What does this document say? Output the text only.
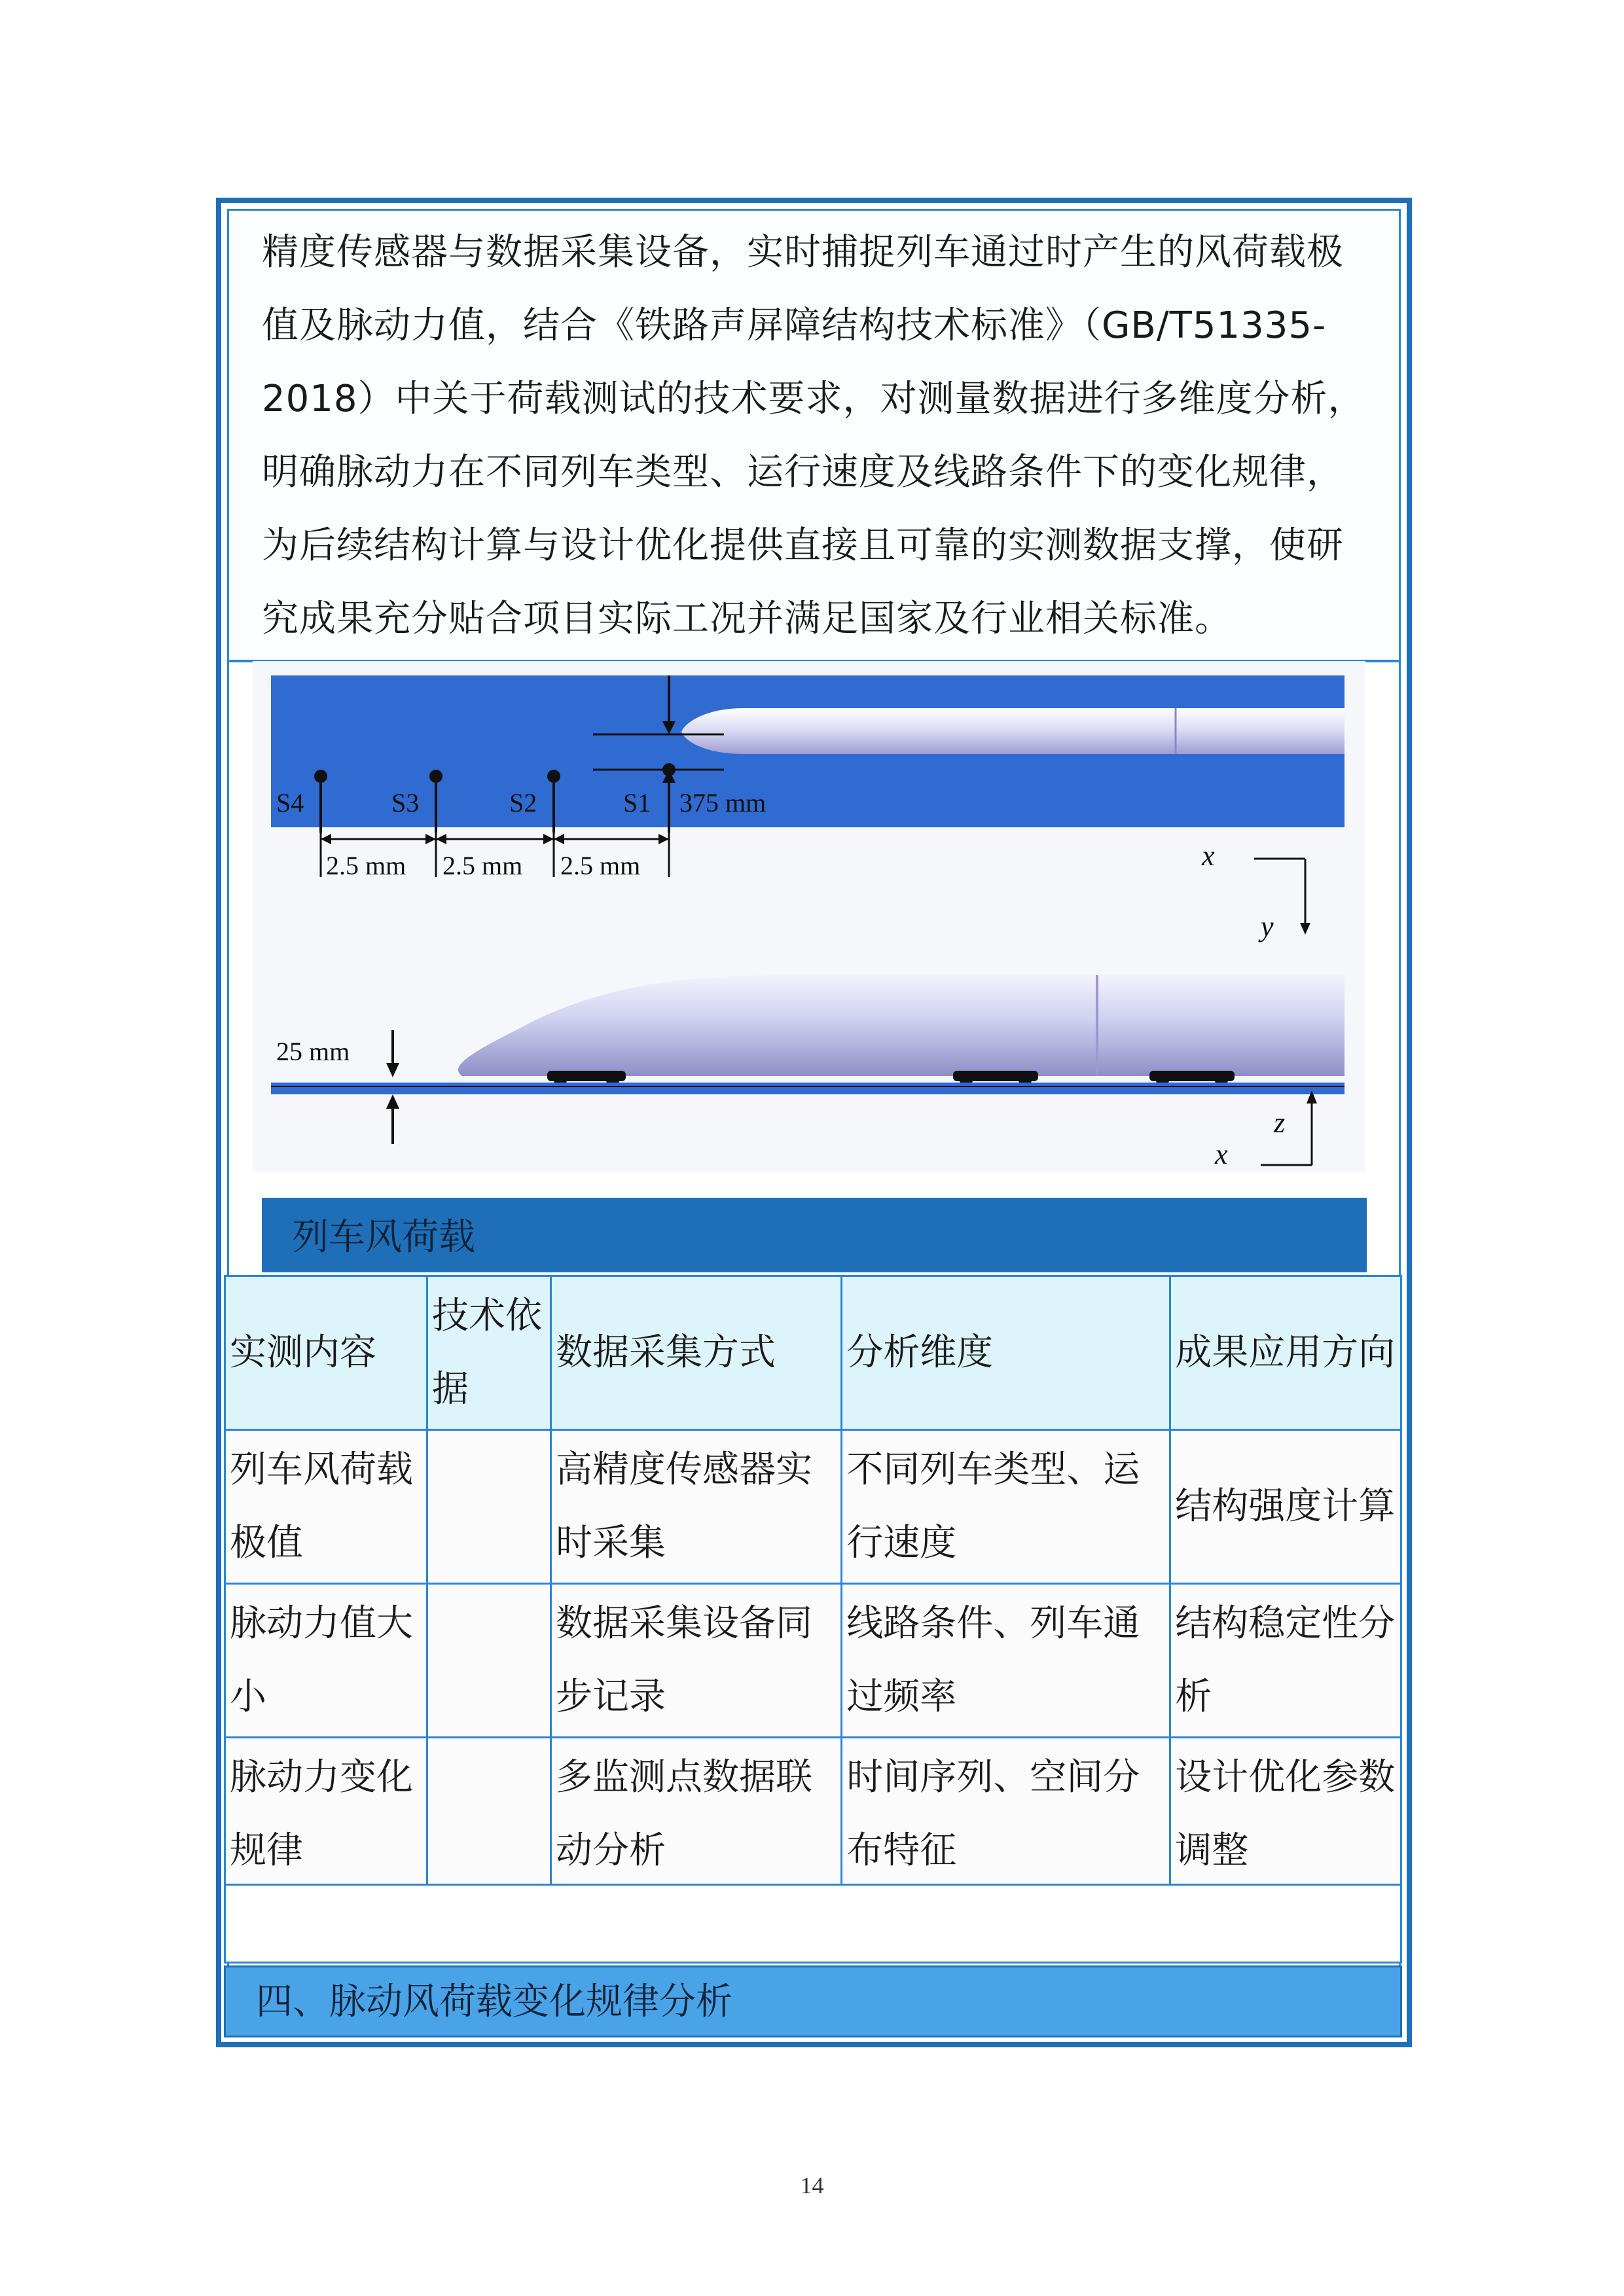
精度传感器与数据采集设备，实时捕捉列车通过时产生的风荷载极

值及脉动力值，结合《铁路声屏障结构技术标准》（GB/T51335-

2018）中关于荷载测试的技术要求，对测量数据进行多维度分析，

明确脉动力在不同列车类型、运行速度及线路条件下的变化规律，

为后续结构计算与设计优化提供直接且可靠的实测数据支撑，使研

究成果充分贴合项目实际工况并满足国家及行业相关标准。

375 mm
S4	S3	S2	S1
2.5 mm 2.5 mm 2.5 mm	x
y
25 mm
z
x
列车风荷载
实测内容	技术依据	数据采集方式	分析维度	成果应用方向
列车风荷载极值		高精度传感器实时采集	不同列车类型、运行速度	结构强度计算
脉动力值大小		数据采集设备同步记录	线路条件、列车通过频率	结构稳定性分析
脉动力变化规律		多监测点数据联动分析	时间序列、空间分布特征	设计优化参数调整
四、脉动风荷载变化规律分析
14
